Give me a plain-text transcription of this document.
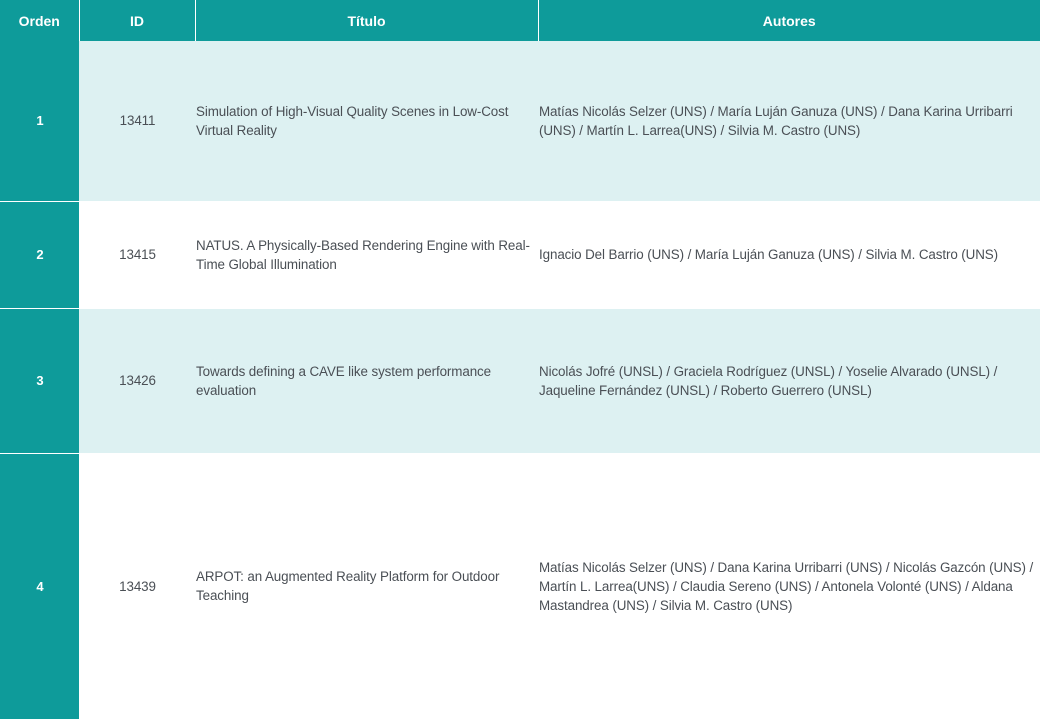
Orden	ID	Título	Autores
1	13411	Simulation of High-Visual Quality Scenes in Low-Cost Virtual Reality	Matías Nicolás Selzer (UNS) / María Luján Ganuza (UNS) / Dana Karina Urribarri (UNS) / Martín L. Larrea(UNS) / Silvia M. Castro (UNS)
2	13415	NATUS. A Physically-Based Rendering Engine with Real-Time Global Illumination	Ignacio Del Barrio (UNS) / María Luján Ganuza (UNS) / Silvia M. Castro (UNS)
3	13426	Towards defining a CAVE like system performance evaluation	Nicolás Jofré (UNSL) / Graciela Rodríguez (UNSL) / Yoselie Alvarado (UNSL) / Jaqueline Fernández (UNSL) / Roberto Guerrero (UNSL)
4	13439	ARPOT: an Augmented Reality Platform for Outdoor Teaching	Matías Nicolás Selzer (UNS) / Dana Karina Urribarri (UNS) / Nicolás Gazcón (UNS) / Martín L. Larrea(UNS) / Claudia Sereno (UNS) / Antonela Volonté (UNS) / Aldana Mastandrea (UNS) / Silvia M. Castro (UNS)
